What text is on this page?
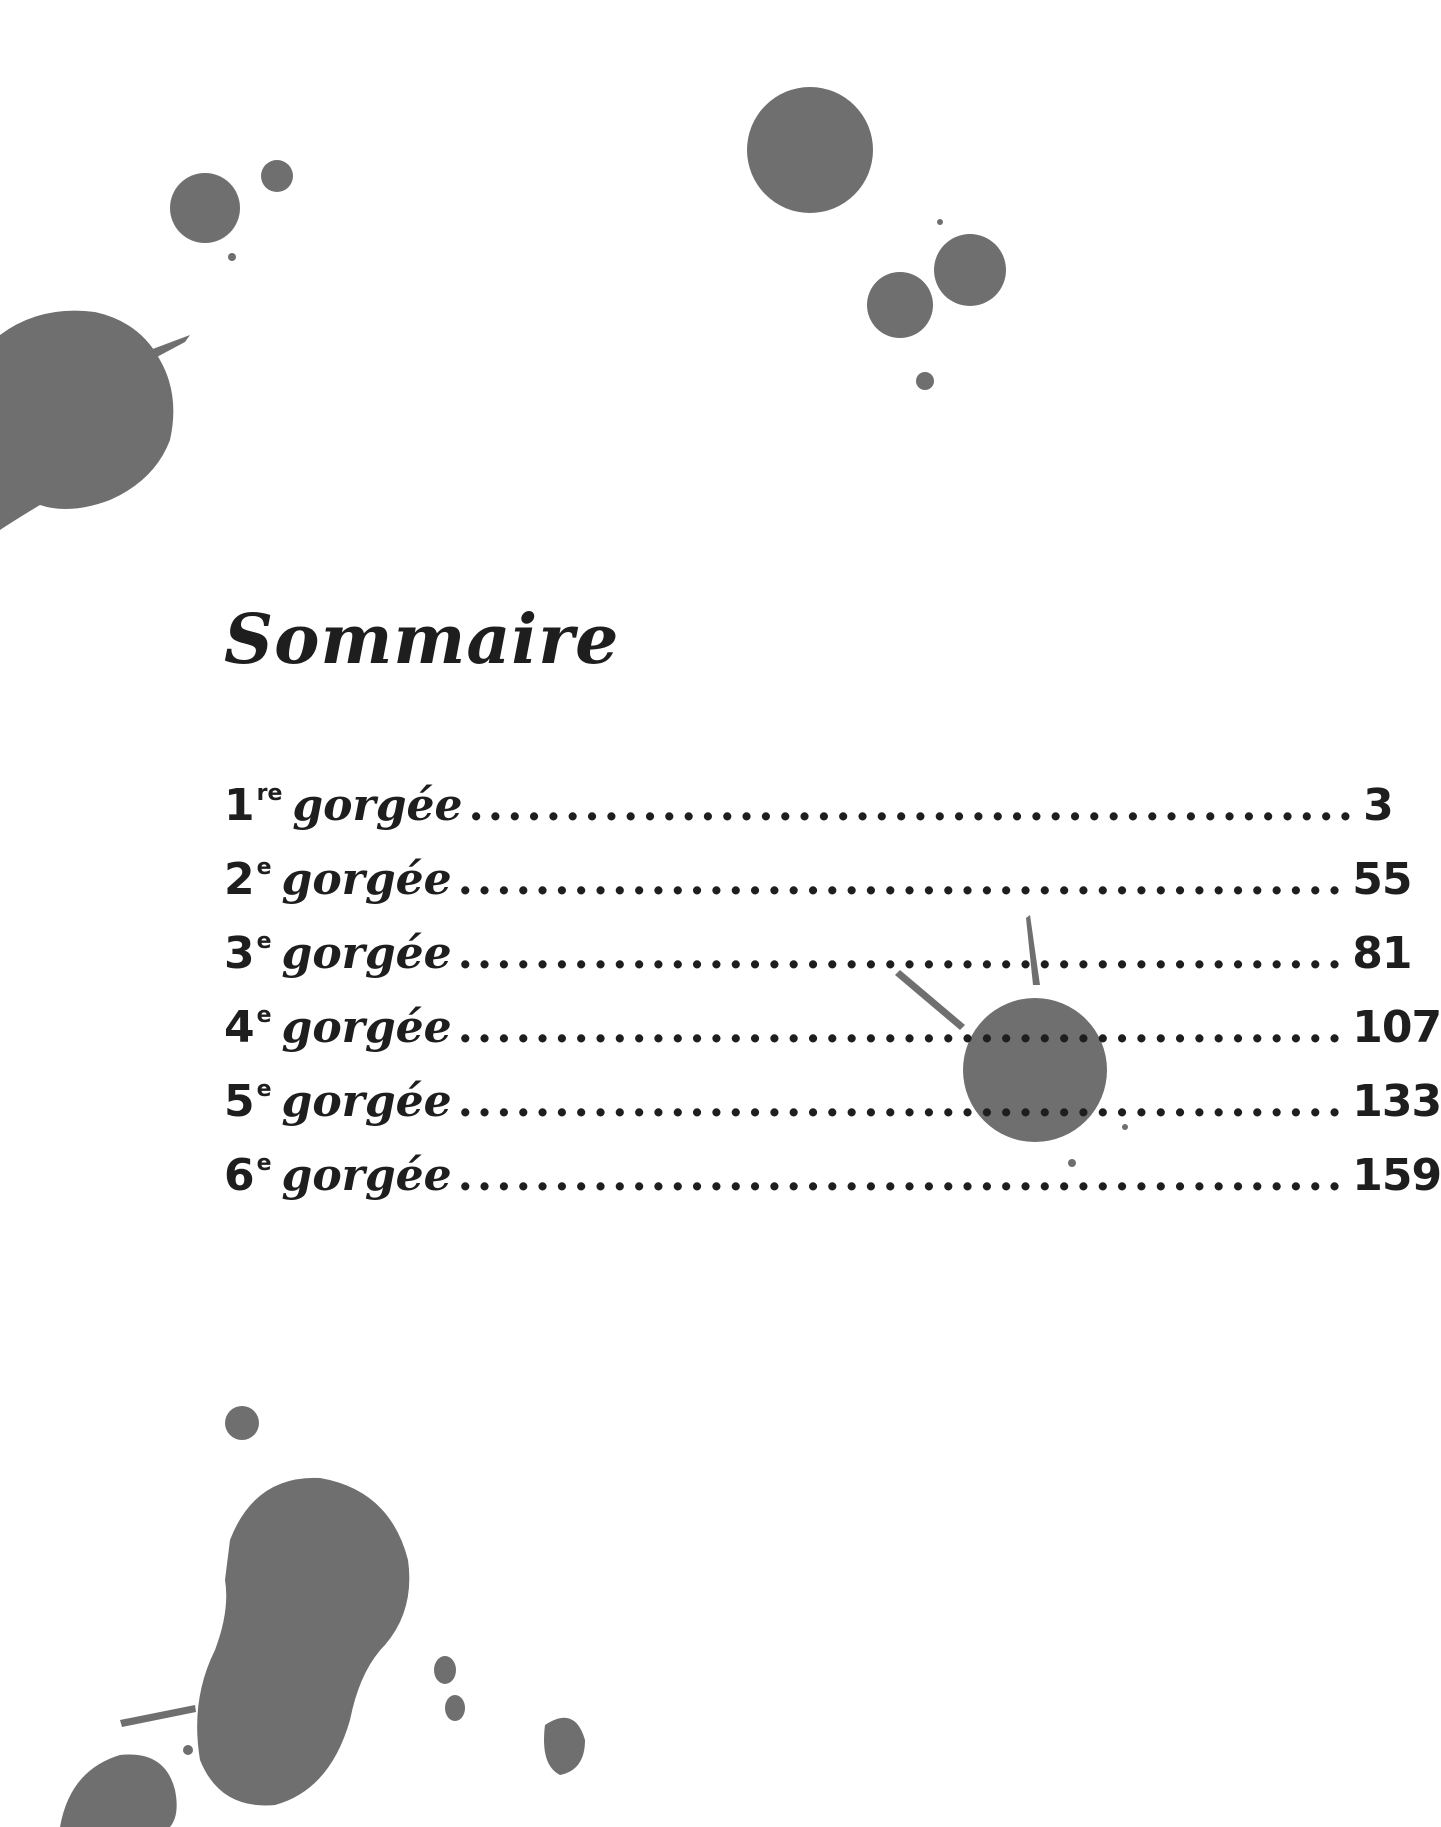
Sommaire
1 re gorgée .............................................. 3
2 e gorgée .............................................. 55
3 e gorgée .............................................. 81
4 e gorgée .............................................. 107
5 e gorgée .............................................. 133
6 e gorgée .............................................. 159
